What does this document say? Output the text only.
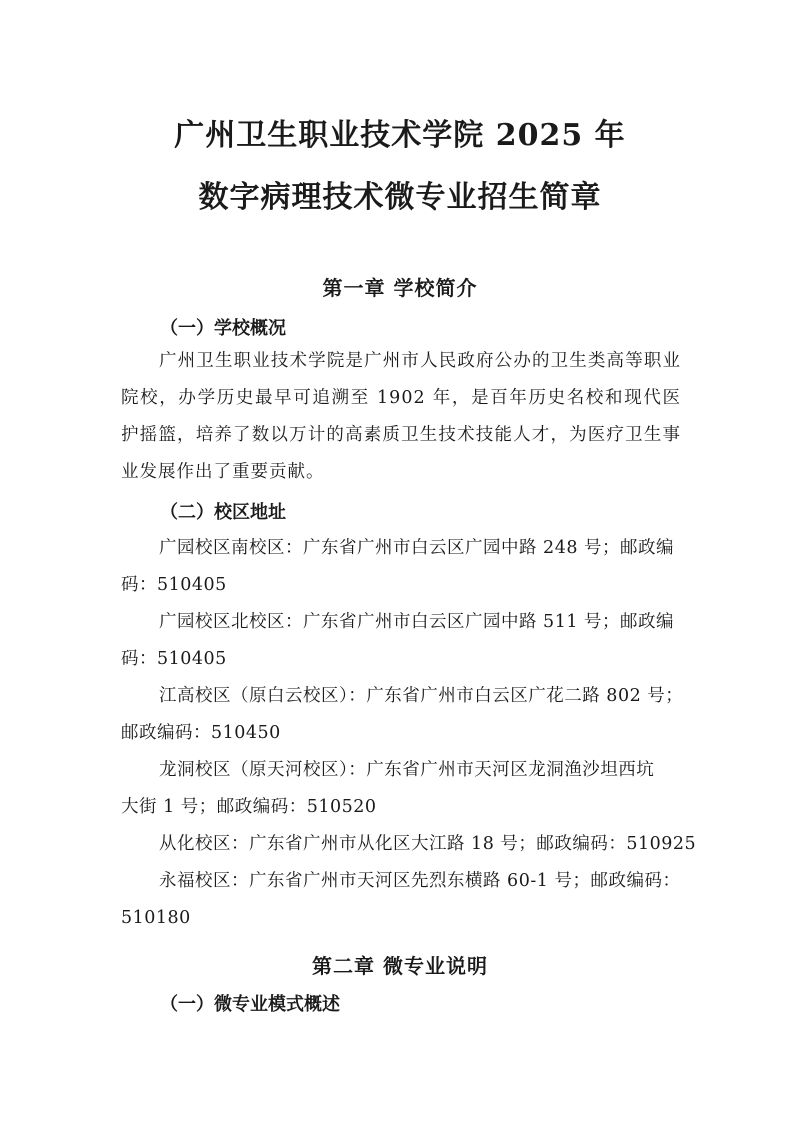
广州卫生职业技术学院 2025 年
数字病理技术微专业招生简章
第一章 学校简介
（一）学校概况
广州卫生职业技术学院是广州市人民政府公办的卫生类高等职业院校，办学历史最早可追溯至 1902 年，是百年历史名校和现代医护摇篮，培养了数以万计的高素质卫生技术技能人才，为医疗卫生事业发展作出了重要贡献。
（二）校区地址
广园校区南校区：广东省广州市白云区广园中路 248 号；邮政编
码：510405
广园校区北校区：广东省广州市白云区广园中路 511 号；邮政编
码：510405
江高校区（原白云校区）：广东省广州市白云区广花二路 802 号；
邮政编码：510450
龙洞校区（原天河校区）：广东省广州市天河区龙洞渔沙坦西坑
大街 1 号；邮政编码：510520
从化校区：广东省广州市从化区大江路 18 号；邮政编码：510925
永福校区：广东省广州市天河区先烈东横路 60-1 号；邮政编码：
510180
第二章 微专业说明
（一）微专业模式概述
